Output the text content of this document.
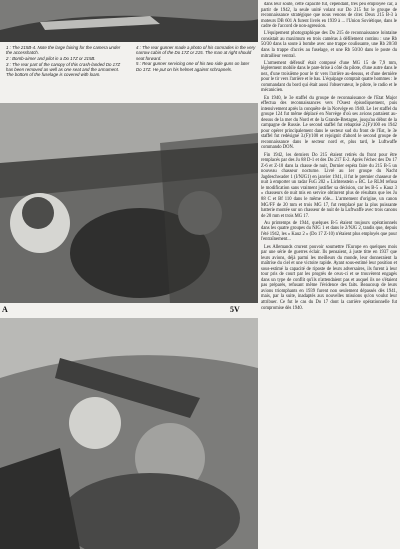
1 : The 215B-4. Note the large fairing for the camera under the accesshatch.

2 : Bomb-aimer and pilot in a Do 17Z or 215B.

3 : The rear part of the canopy of this crash-landed Do 17Z has been removed as well as one seat and the armament. The bottom of the fuselage is covered with loam.

4 : The rear gunner made a photo of his comrades in the very narrow cabin of the Do 17Z or 215. The man at right should seat forward.

5 : Rear gunner servicing one of his two side guns on later Do 17Z. He put on his helmet against schrapnels.

A	5V

dans leur soute, cette capacité fut, cependant, très peu employée car, à partir de 1942, la seule unité volant sur Do 215 fut le groupe de reconnaissance stratégique que nous venons de citer. Deux 215 B-3 à moteurs DB 601 A furent livrés en 1939 à ... l'Union Soviétique, dans le cadre de l'accord de non-agression.

L'équipement photographique des Do 215 de reconnaissance lointaine consistait au maximum en trois caméras à défilement continu : une Rb 50/30 dans la soute à bombe avec une trappe coulissante, une Rb 20/30 dans la trappe d'accès au fuselage, et une Rb 50/30 dans le poste du mitrailleur ventral.

L'armement défensif était composé d'une MG 15 de 7,9 mm, légèrement mobile dans le pare-brise à côté du pilote, d'une autre dans le nez, d'une troisième pour le tir vers l'arrière au-dessus, et d'une dernière pour le tir vers l'arrière et le bas. L'équipage comptait quatre hommes : le commandant du bord qui était aussi l'observateur, le pilote, le radio et le mécanicien.

En 1940, le 3e staffel du groupe de reconnaissance de l'Etat Major effectua des reconnaissances vers l'Ouest épisodiquement, puis intensivement après la conquête de la Norvège en 1940. Le 1er staffel du groupe 124 fut même déplacé en Norvège d'où ses avions partaient au-dessus de la mer du Nord et de la Grande-Bretagne, jusqu'au début de la campagne de Russie. Le second staffel fut rebaptisé 2.(F)/100 en 1942 pour opérer principalement dans le secteur sud du front de l'Est, le 3e staffel fut redésigné 3.(F)/100 et rejoignit d'abord le second groupe de reconnaissance dans le secteur nord et, plus tard, le Luftwaffe commando DON.

Fin 1942, les derniers Do 215 étaient retirés du front pour être remplacés par des Ju 88 D-1 et des Do 217 E-2. Après l'échec des Do 17 Z-6 et Z-10 dans la chasse de nuit, Dornier espéra faire du 215 B-5 un nouveau chasseur nocturne. Livré au 1er groupe du Nacht Jagdeschwader 1 (I/NJG1) en janvier 1941, il fut le premier chasseur de nuit à emporter un radar FuG 202 « Lichtenstein » BC. Le RLM refusa le modification sans vraiment justifier sa décision, car les B-5 « Kauz 3 » chasseurs de nuit mis en service obtinrent plus de résultats que les Ju 88 C et Bf 110 dans le même rôle... L'armement d'origine, un canon MG/FF de 20 mm et trois MG 17, fut remplacé par la plus puissante batterie montée sur un chasseur de nuit de la Luftwaffe avec trois canons de 20 mm et trois MG 17.

Au printemps de 1944, quelques B-5 étaient toujours opérationnels dans les quatre groupes du NJG 1 et dans le 2/NJG 2, tandis que, depuis l'été 1942, les « Kauz 2 » (Do 17 Z-10) n'étaient plus employés que pour l'entraînement...

Les Allemands crurent pouvoir soumettre l'Europe en quelques mois par une série de guerres éclair. Ils pensaient, à juste titre en 1937 que leurs avions, déjà parmi les meilleurs du monde, leur donneraient la maîtrise du ciel et une victoire rapide. Ayant sous-estimé leur position et sous-estimé la capacité de riposte de leurs adversaires, ils furent à leur tour pris de court par les progrès de ceux-ci et se trouvèrent engagés dans un type de conflit qu'ils n'attendaient pas et auquel ils ne s'étaient pas préparés, refusant même l'évidence des faits. Beaucoup de leurs avions triomphants en 1939 furent non seulement dépassés dès 1941, mais, par la suite, inadaptés aux nouvelles missions qu'on voulut leur attribuer. Ce fut le cas du Do 17 dont la carrière opérationnelle fut compromise dès 1940.
